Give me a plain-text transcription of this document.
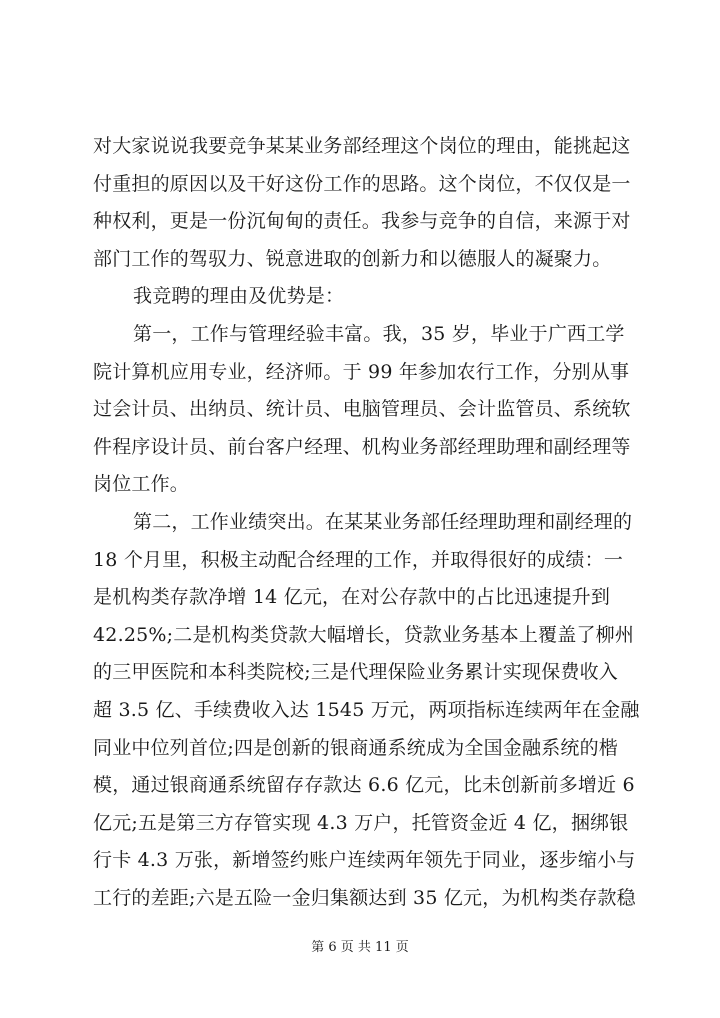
对大家说说我要竞争某某业务部经理这个岗位的理由，能挑起这
付重担的原因以及干好这份工作的思路。这个岗位，不仅仅是一
种权利，更是一份沉甸甸的责任。我参与竞争的自信，来源于对
部门工作的驾驭力、锐意进取的创新力和以德服人的凝聚力。
我竞聘的理由及优势是：
第一，工作与管理经验丰富。我，35 岁，毕业于广西工学
院计算机应用专业，经济师。于 99 年参加农行工作，分别从事
过会计员、出纳员、统计员、电脑管理员、会计监管员、系统软
件程序设计员、前台客户经理、机构业务部经理助理和副经理等
岗位工作。
第二，工作业绩突出。在某某业务部任经理助理和副经理的
18 个月里，积极主动配合经理的工作，并取得很好的成绩：一
是机构类存款净增 14 亿元，在对公存款中的占比迅速提升到
42.25%;二是机构类贷款大幅增长，贷款业务基本上覆盖了柳州
的三甲医院和本科类院校;三是代理保险业务累计实现保费收入
超 3.5 亿、手续费收入达 1545 万元，两项指标连续两年在金融
同业中位列首位;四是创新的银商通系统成为全国金融系统的楷
模，通过银商通系统留存存款达 6.6 亿元，比未创新前多增近 6
亿元;五是第三方存管实现 4.3 万户，托管资金近 4 亿，捆绑银
行卡 4.3 万张，新增签约账户连续两年领先于同业，逐步缩小与
工行的差距;六是五险一金归集额达到 35 亿元，为机构类存款稳
第 6 页 共 11 页
